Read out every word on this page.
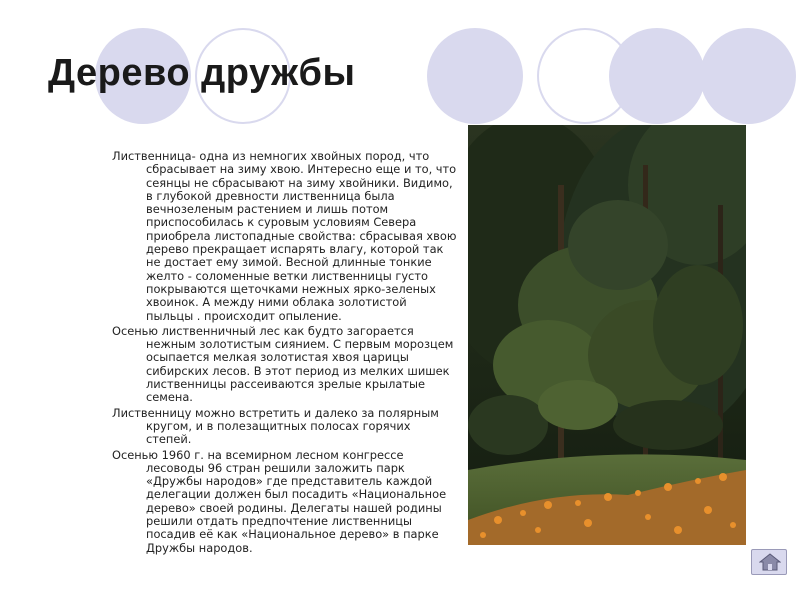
Дерево дружбы

Лиственница- одна из немногих хвойных пород, что сбрасывает на зиму хвою. Интересно еще и то, что сеянцы не сбрасывают на зиму хвойники. Видимо, в глубокой древности лиственница была вечнозеленым растением и лишь потом приспособилась к суровым условиям Севера приобрела листопадные свойства: сбрасывая хвою дерево прекращает испарять влагу, которой так не достает ему зимой. Весной длинные тонкие желто - соломенные ветки лиственницы густо покрываются щеточками нежных ярко-зеленых хвоинок. А между ними облака золотистой пыльцы . происходит опыление.

Осенью лиственничный лес как будто загорается нежным золотистым сиянием. С первым морозцем осыпается мелкая золотистая хвоя царицы сибирских лесов. В этот период из мелких шишек лиственницы рассеиваются зрелые крылатые семена.

Лиственницу можно встретить и далеко за полярным кругом, и в полезащитных полосах горячих степей.

Осенью 1960 г. на всемирном лесном конгрессе лесоводы 96 стран решили заложить парк «Дружбы народов» где представитель каждой делегации должен был посадить «Национальное дерево» своей родины. Делегаты нашей родины решили отдать предпочтение лиственницы посадив её как «Национальное дерево» в парке Дружбы народов.
